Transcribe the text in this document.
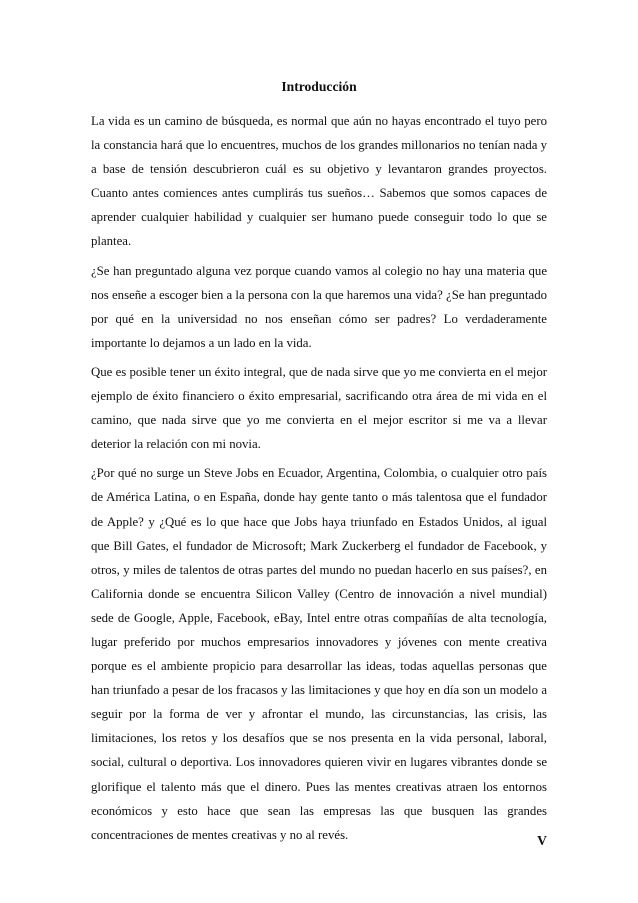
Introducción

La vida es un camino de búsqueda, es normal que aún no hayas encontrado el tuyo pero la constancia hará que lo encuentres, muchos de los grandes millonarios no tenían nada y a base de tensión descubrieron cuál es su objetivo y levantaron grandes proyectos. Cuanto antes comiences antes cumplirás tus sueños… Sabemos que somos capaces de aprender cualquier habilidad y cualquier ser humano puede conseguir todo lo que se plantea.

¿Se han preguntado alguna vez porque cuando vamos al colegio no hay una materia que nos enseñe a escoger bien a la persona con la que haremos una vida? ¿Se han preguntado por qué en la universidad no nos enseñan cómo ser padres? Lo verdaderamente importante lo dejamos a un lado en la vida.

Que es posible tener un éxito integral, que de nada sirve que yo me convierta en el mejor ejemplo de éxito financiero o éxito empresarial, sacrificando otra área de mi vida en el camino, que nada sirve que yo me convierta en el mejor escritor si me va a llevar deterior la relación con mi novia.

¿Por qué no surge un Steve Jobs en Ecuador, Argentina, Colombia, o cualquier otro país de América Latina, o en España, donde hay gente tanto o más talentosa que el fundador de Apple? y ¿Qué es lo que hace que Jobs haya triunfado en Estados Unidos, al igual que Bill Gates, el fundador de Microsoft; Mark Zuckerberg el fundador de Facebook, y otros, y miles de talentos de otras partes del mundo no puedan hacerlo en sus países?, en California donde se encuentra Silicon Valley (Centro de innovación a nivel mundial) sede de Google, Apple, Facebook, eBay, Intel entre otras compañías de alta tecnología, lugar preferido por muchos empresarios innovadores y jóvenes con mente creativa porque es el ambiente propicio para desarrollar las ideas, todas aquellas personas que han triunfado a pesar de los fracasos y las limitaciones y que hoy en día son un modelo a seguir por la forma de ver y afrontar el mundo, las circunstancias, las crisis, las limitaciones, los retos y los desafíos que se nos presenta en la vida personal, laboral, social, cultural o deportiva. Los innovadores quieren vivir en lugares vibrantes donde se glorifique el talento más que el dinero. Pues las mentes creativas atraen los entornos económicos y esto hace que sean las empresas las que busquen las grandes concentraciones de mentes creativas y no al revés.	V
